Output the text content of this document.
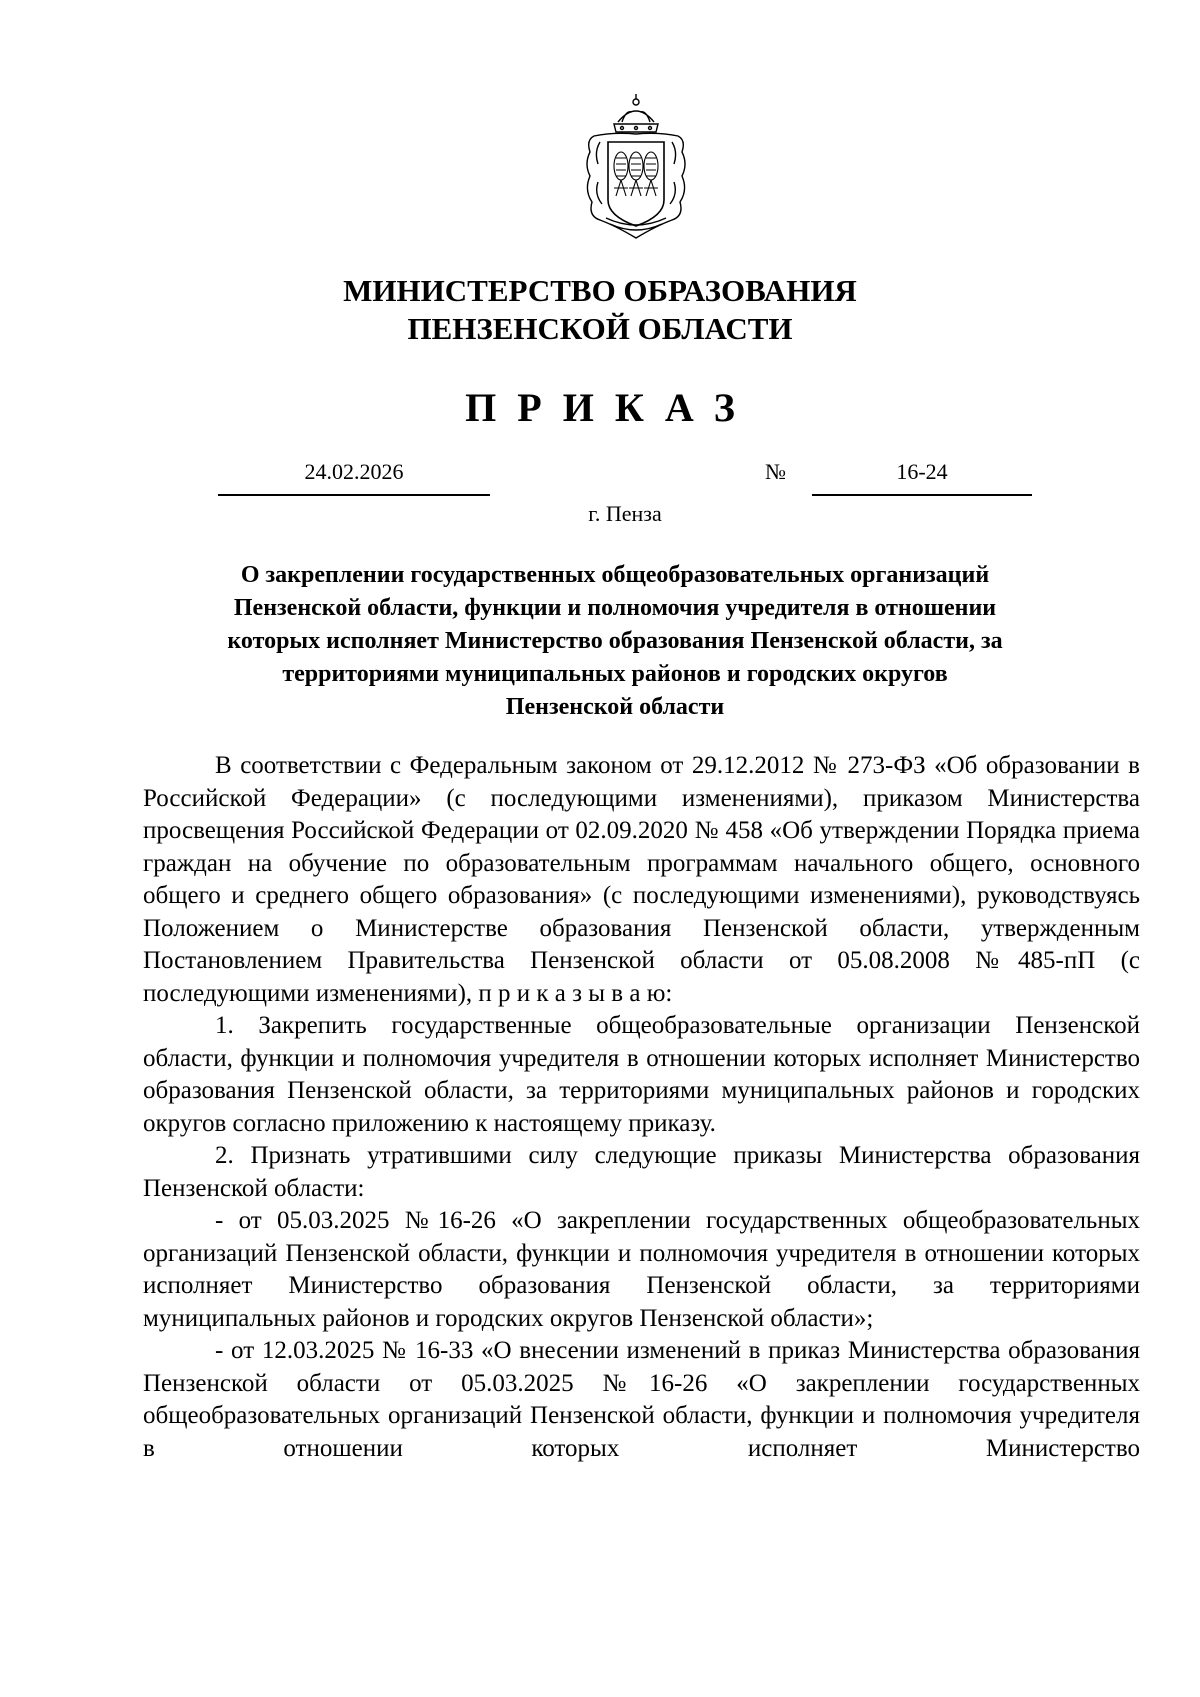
МИНИСТЕРСТВО ОБРАЗОВАНИЯ
ПЕНЗЕНСКОЙ ОБЛАСТИ
ПРИКАЗ
24.02.2026	№	16-24
г. Пенза
О закреплении государственных общеобразовательных организаций
Пензенской области, функции и полномочия учредителя в отношении
которых исполняет Министерство образования Пензенской области, за
территориями муниципальных районов и городских округов
Пензенской области

В соответствии с Федеральным законом от 29.12.2012 № 273-ФЗ «Об образовании в Российской Федерации» (с последующими изменениями), приказом Министерства просвещения Российской Федерации от 02.09.2020 № 458 «Об утверждении Порядка приема граждан на обучение по образовательным программам начального общего, основного общего и среднего общего образования» (с последующими изменениями), руководствуясь Положением о Министерстве образования Пензенской области, утвержденным Постановлением Правительства Пензенской области от 05.08.2008 №485-пП (с последующими изменениями), п р и к а з ы в а ю:

1. Закрепить государственные общеобразовательные организации Пензенской области, функции и полномочия учредителя в отношении которых исполняет Министерство образования Пензенской области, за территориями муниципальных районов и городских округов согласно приложению к настоящему приказу.

2. Признать утратившими силу следующие приказы Министерства образования Пензенской области:

- от 05.03.2025 №16-26 «О закреплении государственных общеобразовательных организаций Пензенской области, функции и полномочия учредителя в отношении которых исполняет Министерство образования Пензенской области, за территориями муниципальных районов и городских округов Пензенской области»;

- от 12.03.2025 № 16-33 «О внесении изменений в приказ Министерства образования Пензенской области от 05.03.2025 №16-26 «О закреплении государственных общеобразовательных организаций Пензенской области, функции и полномочия учредителя в отношении которых исполняет Министерство
